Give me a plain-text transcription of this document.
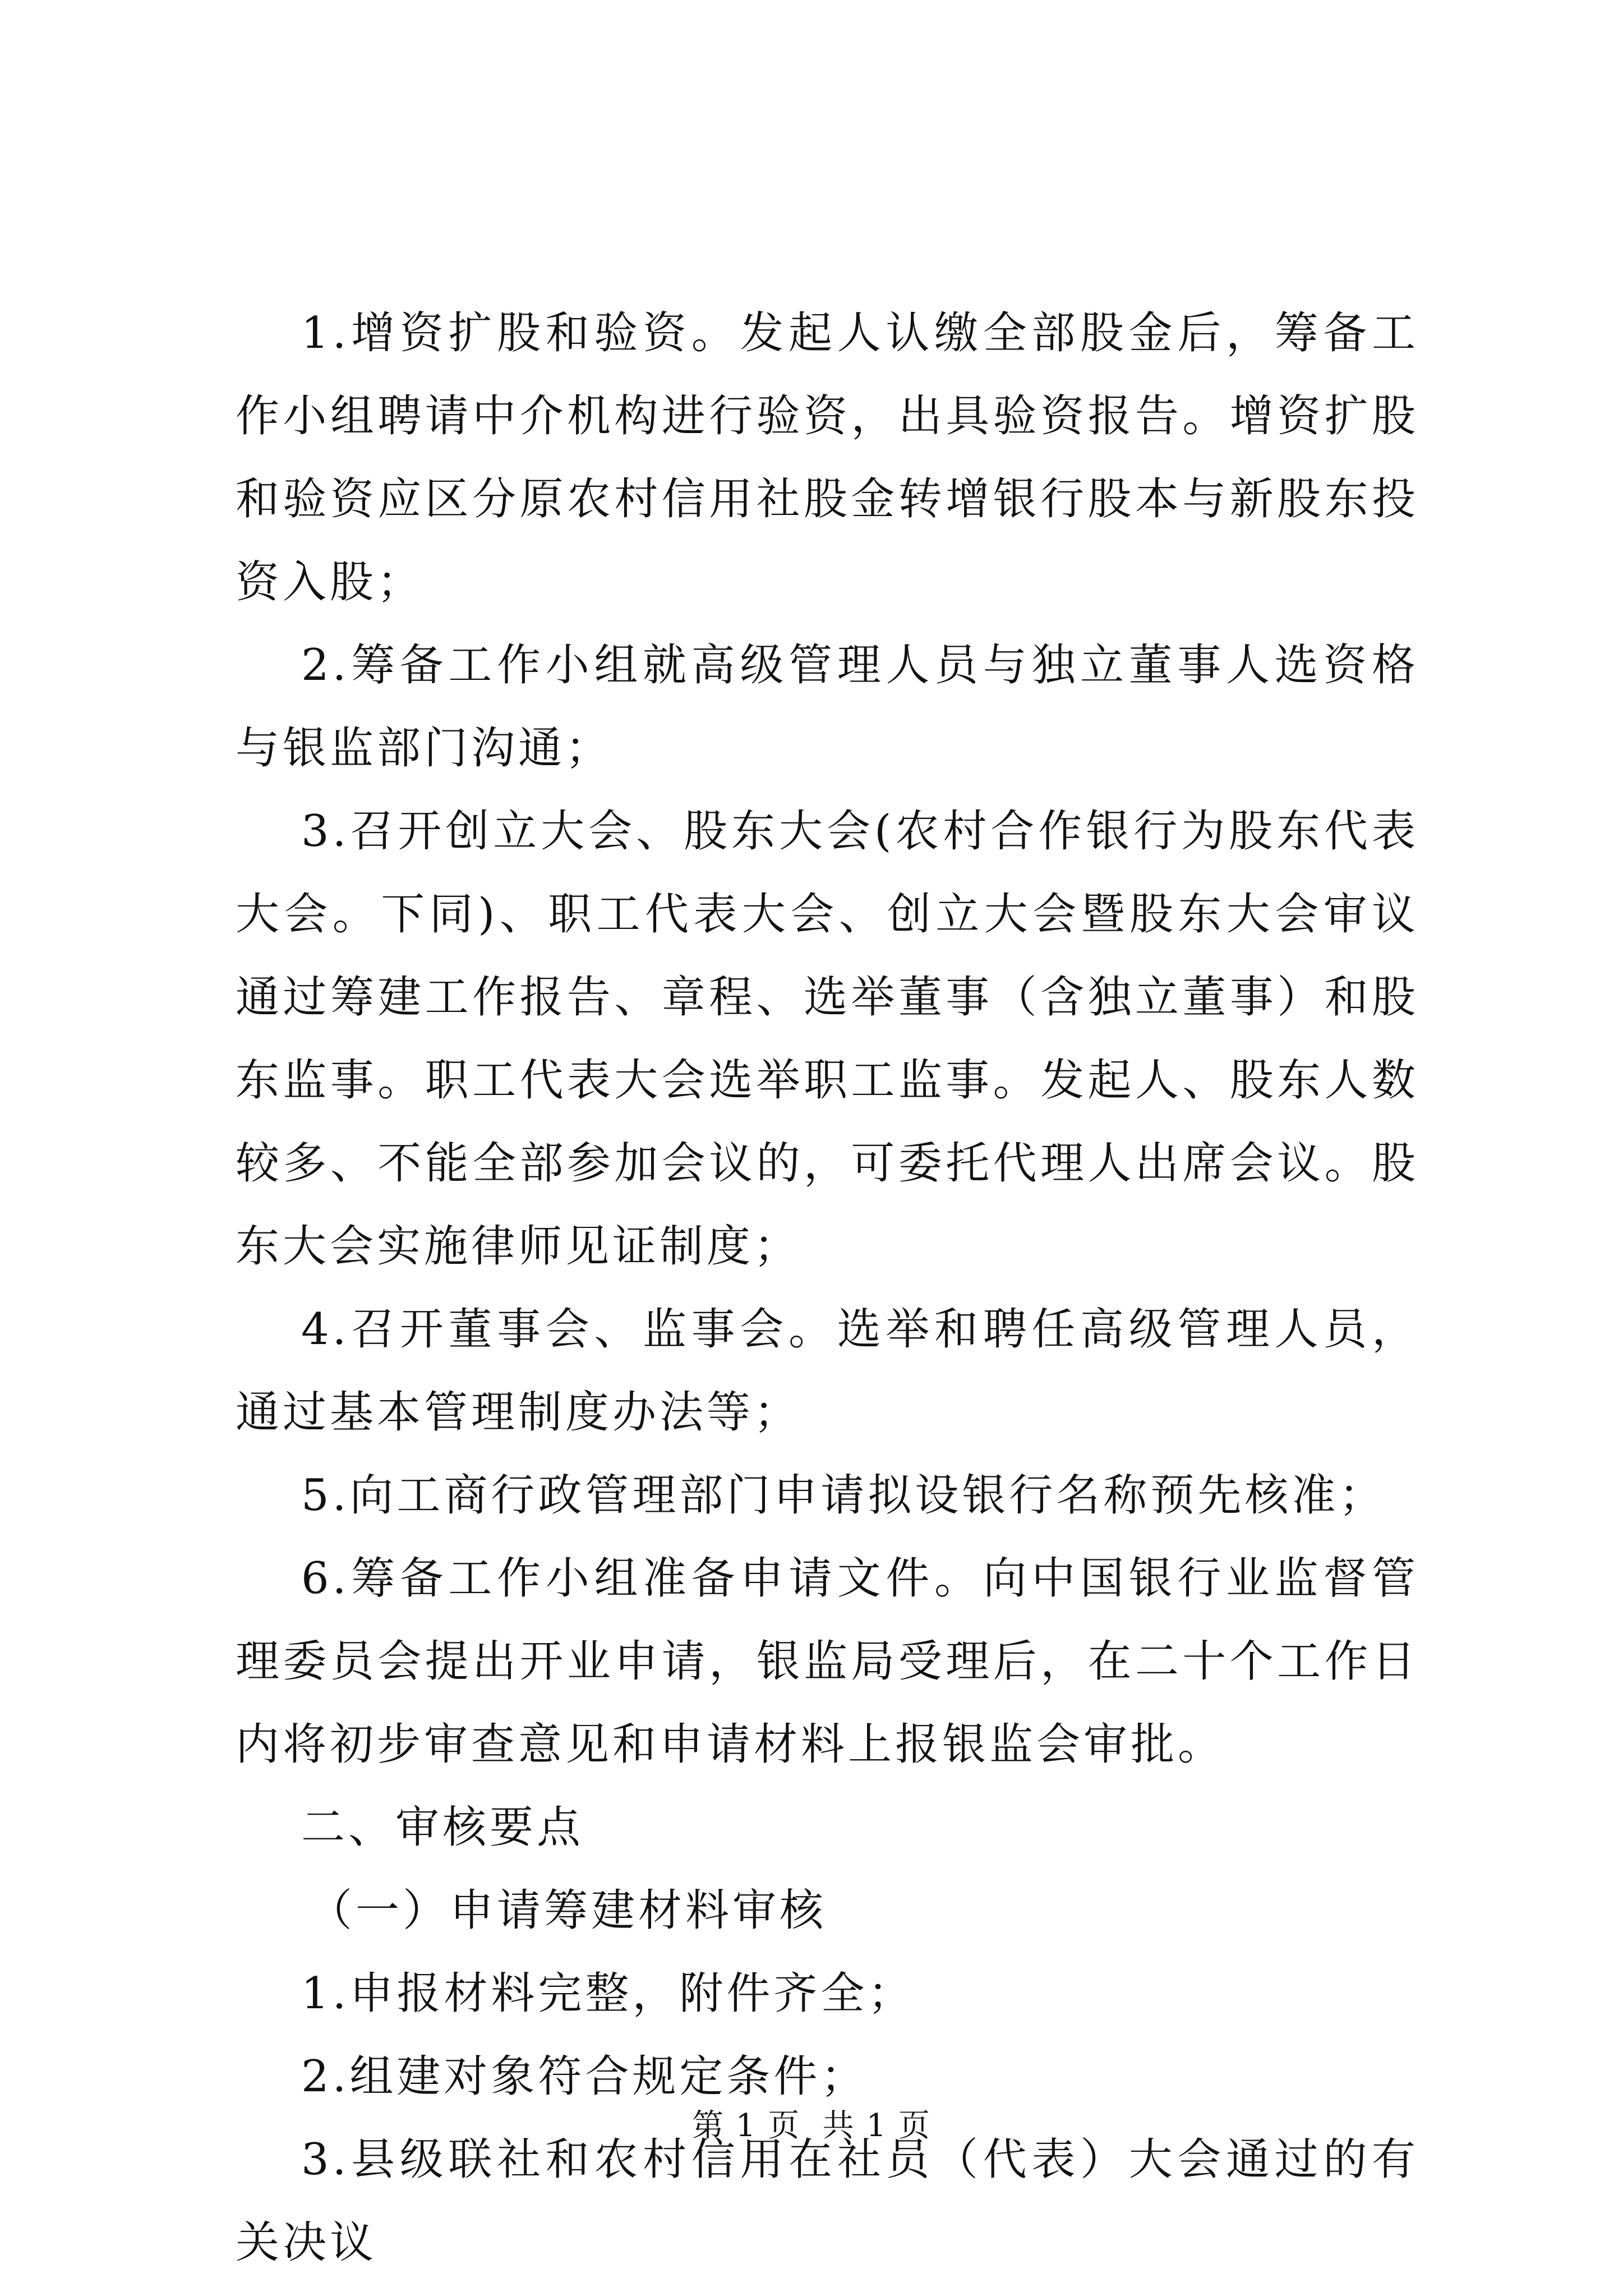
1.增资扩股和验资。发起人认缴全部股金后，筹备工作小组聘请中介机构进行验资，出具验资报告。增资扩股和验资应区分原农村信用社股金转增银行股本与新股东投资入股；

2.筹备工作小组就高级管理人员与独立董事人选资格与银监部门沟通；

3.召开创立大会、股东大会(农村合作银行为股东代表大会。下同)、职工代表大会、创立大会暨股东大会审议通过筹建工作报告、章程、选举董事（含独立董事）和股东监事。职工代表大会选举职工监事。发起人、股东人数较多、不能全部参加会议的，可委托代理人出席会议。股东大会实施律师见证制度；

4.召开董事会、监事会。选举和聘任高级管理人员，通过基本管理制度办法等；

5.向工商行政管理部门申请拟设银行名称预先核准；

6.筹备工作小组准备申请文件。向中国银行业监督管理委员会提出开业申请，银监局受理后，在二十个工作日内将初步审查意见和申请材料上报银监会审批。

二、审核要点

（一）申请筹建材料审核

1.申报材料完整，附件齐全；

2.组建对象符合规定条件；

3.县级联社和农村信用在社员（代表）大会通过的有关决议

第 1 页  共 1 页
